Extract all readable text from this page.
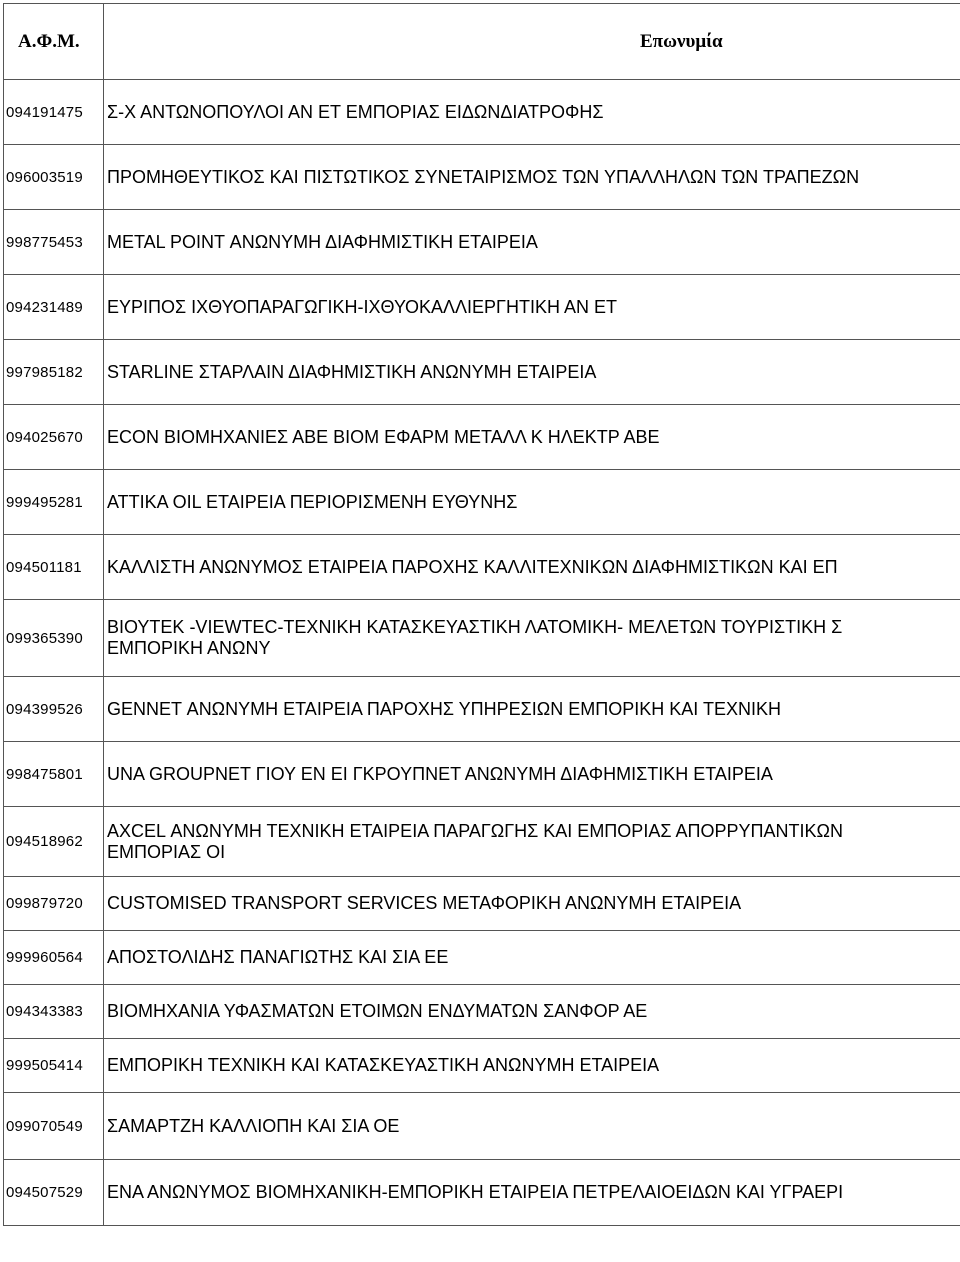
Α.Φ.Μ.	Επωνυμία
094191475	Σ-Χ ΑΝΤΩΝΟΠΟΥΛΟΙ ΑΝ ΕΤ ΕΜΠΟΡΙΑΣ ΕΙΔΩΝΔΙΑΤΡΟΦΗΣ
096003519	ΠΡΟΜΗΘΕΥΤΙΚΟΣ ΚΑΙ ΠΙΣΤΩΤΙΚΟΣ ΣΥΝΕΤΑΙΡΙΣΜΟΣ ΤΩΝ ΥΠΑΛΛΗΛΩΝ ΤΩΝ ΤΡΑΠΕΖΩΝ
998775453	METAL POINT ΑΝΩΝΥΜΗ ΔΙΑΦΗΜΙΣΤΙΚΗ ΕΤΑΙΡΕΙΑ
094231489	ΕΥΡΙΠΟΣ ΙΧΘΥΟΠΑΡΑΓΩΓΙΚΗ-ΙΧΘΥΟΚΑΛΛΙΕΡΓΗΤΙΚΗ ΑΝ ΕΤ
997985182	STARLINE ΣΤΑΡΛΑΙΝ ΔΙΑΦΗΜΙΣΤΙΚΗ ΑΝΩΝΥΜΗ ΕΤΑΙΡΕΙΑ
094025670	ECON ΒΙΟΜΗΧΑΝΙΕΣ ΑΒΕ ΒΙΟΜ ΕΦΑΡΜ ΜΕΤΑΛΛ Κ ΗΛΕΚΤΡ ΑΒΕ
999495281	ATTIKA OIL ΕΤΑΙΡΕΙΑ ΠΕΡΙΟΡΙΣΜΕΝΗ ΕΥΘΥΝΗΣ
094501181	ΚΑΛΛΙΣΤΗ ΑΝΩΝΥΜΟΣ ΕΤΑΙΡΕΙΑ ΠΑΡΟΧΗΣ ΚΑΛΛΙΤΕΧΝΙΚΩΝ ΔΙΑΦΗΜΙΣΤΙΚΩΝ ΚΑΙ ΕΠ
099365390	ΒΙΟΥΤΕΚ -VIEWTEC-ΤΕΧΝΙΚΗ ΚΑΤΑΣΚΕΥΑΣΤΙΚΗ ΛΑΤΟΜΙΚΗ- ΜΕΛΕΤΩΝ ΤΟΥΡΙΣΤΙΚΗ Σ
ΕΜΠΟΡΙΚΗ ΑΝΩΝΥ

094399526	GENNET ΑΝΩΝΥΜΗ ΕΤΑΙΡΕΙΑ ΠΑΡΟΧΗΣ ΥΠΗΡΕΣΙΩΝ ΕΜΠΟΡΙΚΗ ΚΑΙ ΤΕΧΝΙΚΗ
998475801	UNA GROUPNET ΓΙΟΥ ΕΝ ΕΙ ΓΚΡΟΥΠΝΕΤ ΑΝΩΝΥΜΗ ΔΙΑΦΗΜΙΣΤΙΚΗ ΕΤΑΙΡΕΙΑ
094518962	AXCEL ΑΝΩΝΥΜΗ ΤΕΧΝΙΚΗ ΕΤΑΙΡΕΙΑ ΠΑΡΑΓΩΓΗΣ ΚΑΙ ΕΜΠΟΡΙΑΣ ΑΠΟΡΡΥΠΑΝΤΙΚΩΝ
ΕΜΠΟΡΙΑΣ ΟΙ

099879720	CUSTOMISED TRANSPORT SERVICES ΜΕΤΑΦΟΡΙΚΗ ΑΝΩΝΥΜΗ ΕΤΑΙΡΕΙΑ
999960564	ΑΠΟΣΤΟΛΙΔΗΣ ΠΑΝΑΓΙΩΤΗΣ ΚΑΙ ΣΙΑ ΕΕ
094343383	ΒΙΟΜΗΧΑΝΙΑ ΥΦΑΣΜΑΤΩΝ ΕΤΟΙΜΩΝ ΕΝΔΥΜΑΤΩΝ ΣΑΝΦΟΡ ΑΕ
999505414	ΕΜΠΟΡΙΚΗ ΤΕΧΝΙΚΗ ΚΑΙ ΚΑΤΑΣΚΕΥΑΣΤΙΚΗ ΑΝΩΝΥΜΗ ΕΤΑΙΡΕΙΑ
099070549	ΣΑΜΑΡΤΖΗ ΚΑΛΛΙΟΠΗ ΚΑΙ ΣΙΑ ΟΕ
094507529	ΕΝΑ ΑΝΩΝΥΜΟΣ ΒΙΟΜΗΧΑΝΙΚΗ-ΕΜΠΟΡΙΚΗ ΕΤΑΙΡΕΙΑ ΠΕΤΡΕΛΑΙΟΕΙΔΩΝ ΚΑΙ ΥΓΡΑΕΡΙ
